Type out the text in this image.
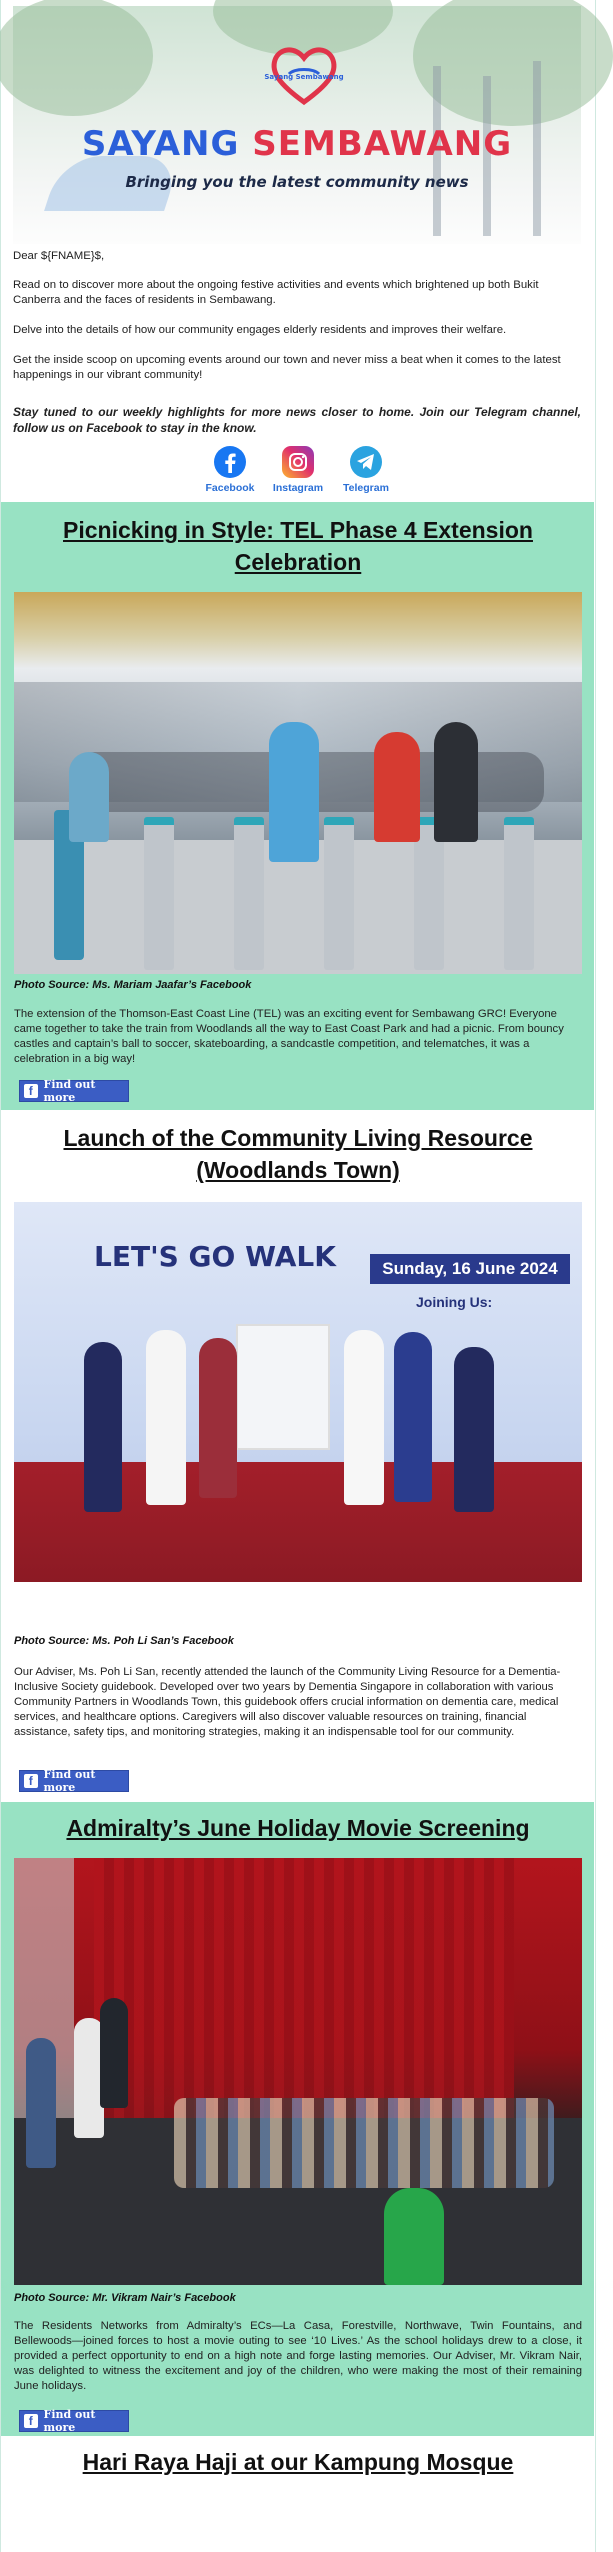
Sayang Sembawang
SAYANG SEMBAWANG
Bringing you the latest community news
Dear ${FNAME}$,
Read on to discover more about the ongoing festive activities and events which brightened up both Bukit Canberra and the faces of residents in Sembawang.
Delve into the details of how our community engages elderly residents and improves their welfare.
Get the inside scoop on upcoming events around our town and never miss a beat when it comes to the latest happenings in our vibrant community!
Stay tuned to our weekly highlights for more news closer to home. Join our Telegram channel, follow us on Facebook to stay in the know.
Facebook	Instagram	Telegram
Picnicking in Style: TEL Phase 4 Extension Celebration
Photo Source: Ms. Mariam Jaafar’s Facebook
The extension of the Thomson-East Coast Line (TEL) was an exciting event for Sembawang GRC! Everyone came together to take the train from Woodlands all the way to East Coast Park and had a picnic. From bouncy castles and captain’s ball to soccer, skateboarding, a sandcastle competition, and telematches, it was a celebration in a big way!
f Find out more
Launch of the Community Living Resource (Woodlands Town)
LET'S GO WALK	Sunday, 16 June 2024
Joining Us:
Photo Source: Ms. Poh Li San’s Facebook
Our Adviser, Ms. Poh Li San, recently attended the launch of the Community Living Resource for a Dementia-Inclusive Society guidebook. Developed over two years by Dementia Singapore in collaboration with various Community Partners in Woodlands Town, this guidebook offers crucial information on dementia care, medical services, and healthcare options. Caregivers will also discover valuable resources on training, financial assistance, safety tips, and monitoring strategies, making it an indispensable tool for our community.
f Find out more
Admiralty’s June Holiday Movie Screening
Photo Source: Mr. Vikram Nair’s Facebook
The Residents Networks from Admiralty’s ECs—La Casa, Forestville, Northwave, Twin Fountains, and Bellewoods—joined forces to host a movie outing to see ‘10 Lives.’ As the school holidays drew to a close, it provided a perfect opportunity to end on a high note and forge lasting memories. Our Adviser, Mr. Vikram Nair, was delighted to witness the excitement and joy of the children, who were making the most of their remaining June holidays.
f Find out more
Hari Raya Haji at our Kampung Mosque
